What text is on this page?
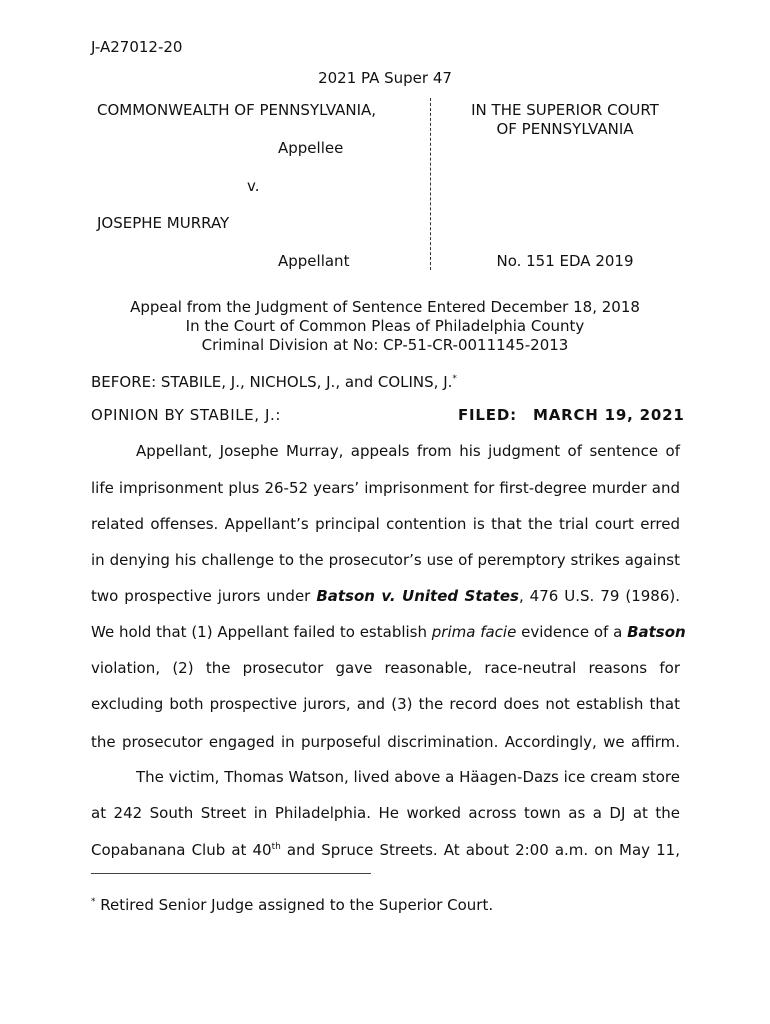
J-A27012-20
2021 PA Super 47
COMMONWEALTH OF PENNSYLVANIA,
Appellee
v.
JOSEPHE MURRAY
Appellant
IN THE SUPERIOR COURT
OF PENNSYLVANIA
No. 151 EDA 2019
Appeal from the Judgment of Sentence Entered December 18, 2018
In the Court of Common Pleas of Philadelphia County
Criminal Division at No: CP-51-CR-0011145-2013
BEFORE: STABILE, J., NICHOLS, J., and COLINS, J.*
OPINION BY STABILE, J.:	FILED: MARCH 19, 2021
Appellant, Josephe Murray, appeals from his judgment of sentence of
life imprisonment plus 26-52 years’ imprisonment for first-degree murder and
related offenses. Appellant’s principal contention is that the trial court erred
in denying his challenge to the prosecutor’s use of peremptory strikes against
two prospective jurors under Batson v. United States, 476 U.S. 79 (1986).
We hold that (1) Appellant failed to establish prima facie evidence of a Batson
violation, (2) the prosecutor gave reasonable, race-neutral reasons for
excluding both prospective jurors, and (3) the record does not establish that
the prosecutor engaged in purposeful discrimination. Accordingly, we affirm.
The victim, Thomas Watson, lived above a Häagen-Dazs ice cream store
at 242 South Street in Philadelphia. He worked across town as a DJ at the
Copabanana Club at 40th and Spruce Streets. At about 2:00 a.m. on May 11,
* Retired Senior Judge assigned to the Superior Court.
